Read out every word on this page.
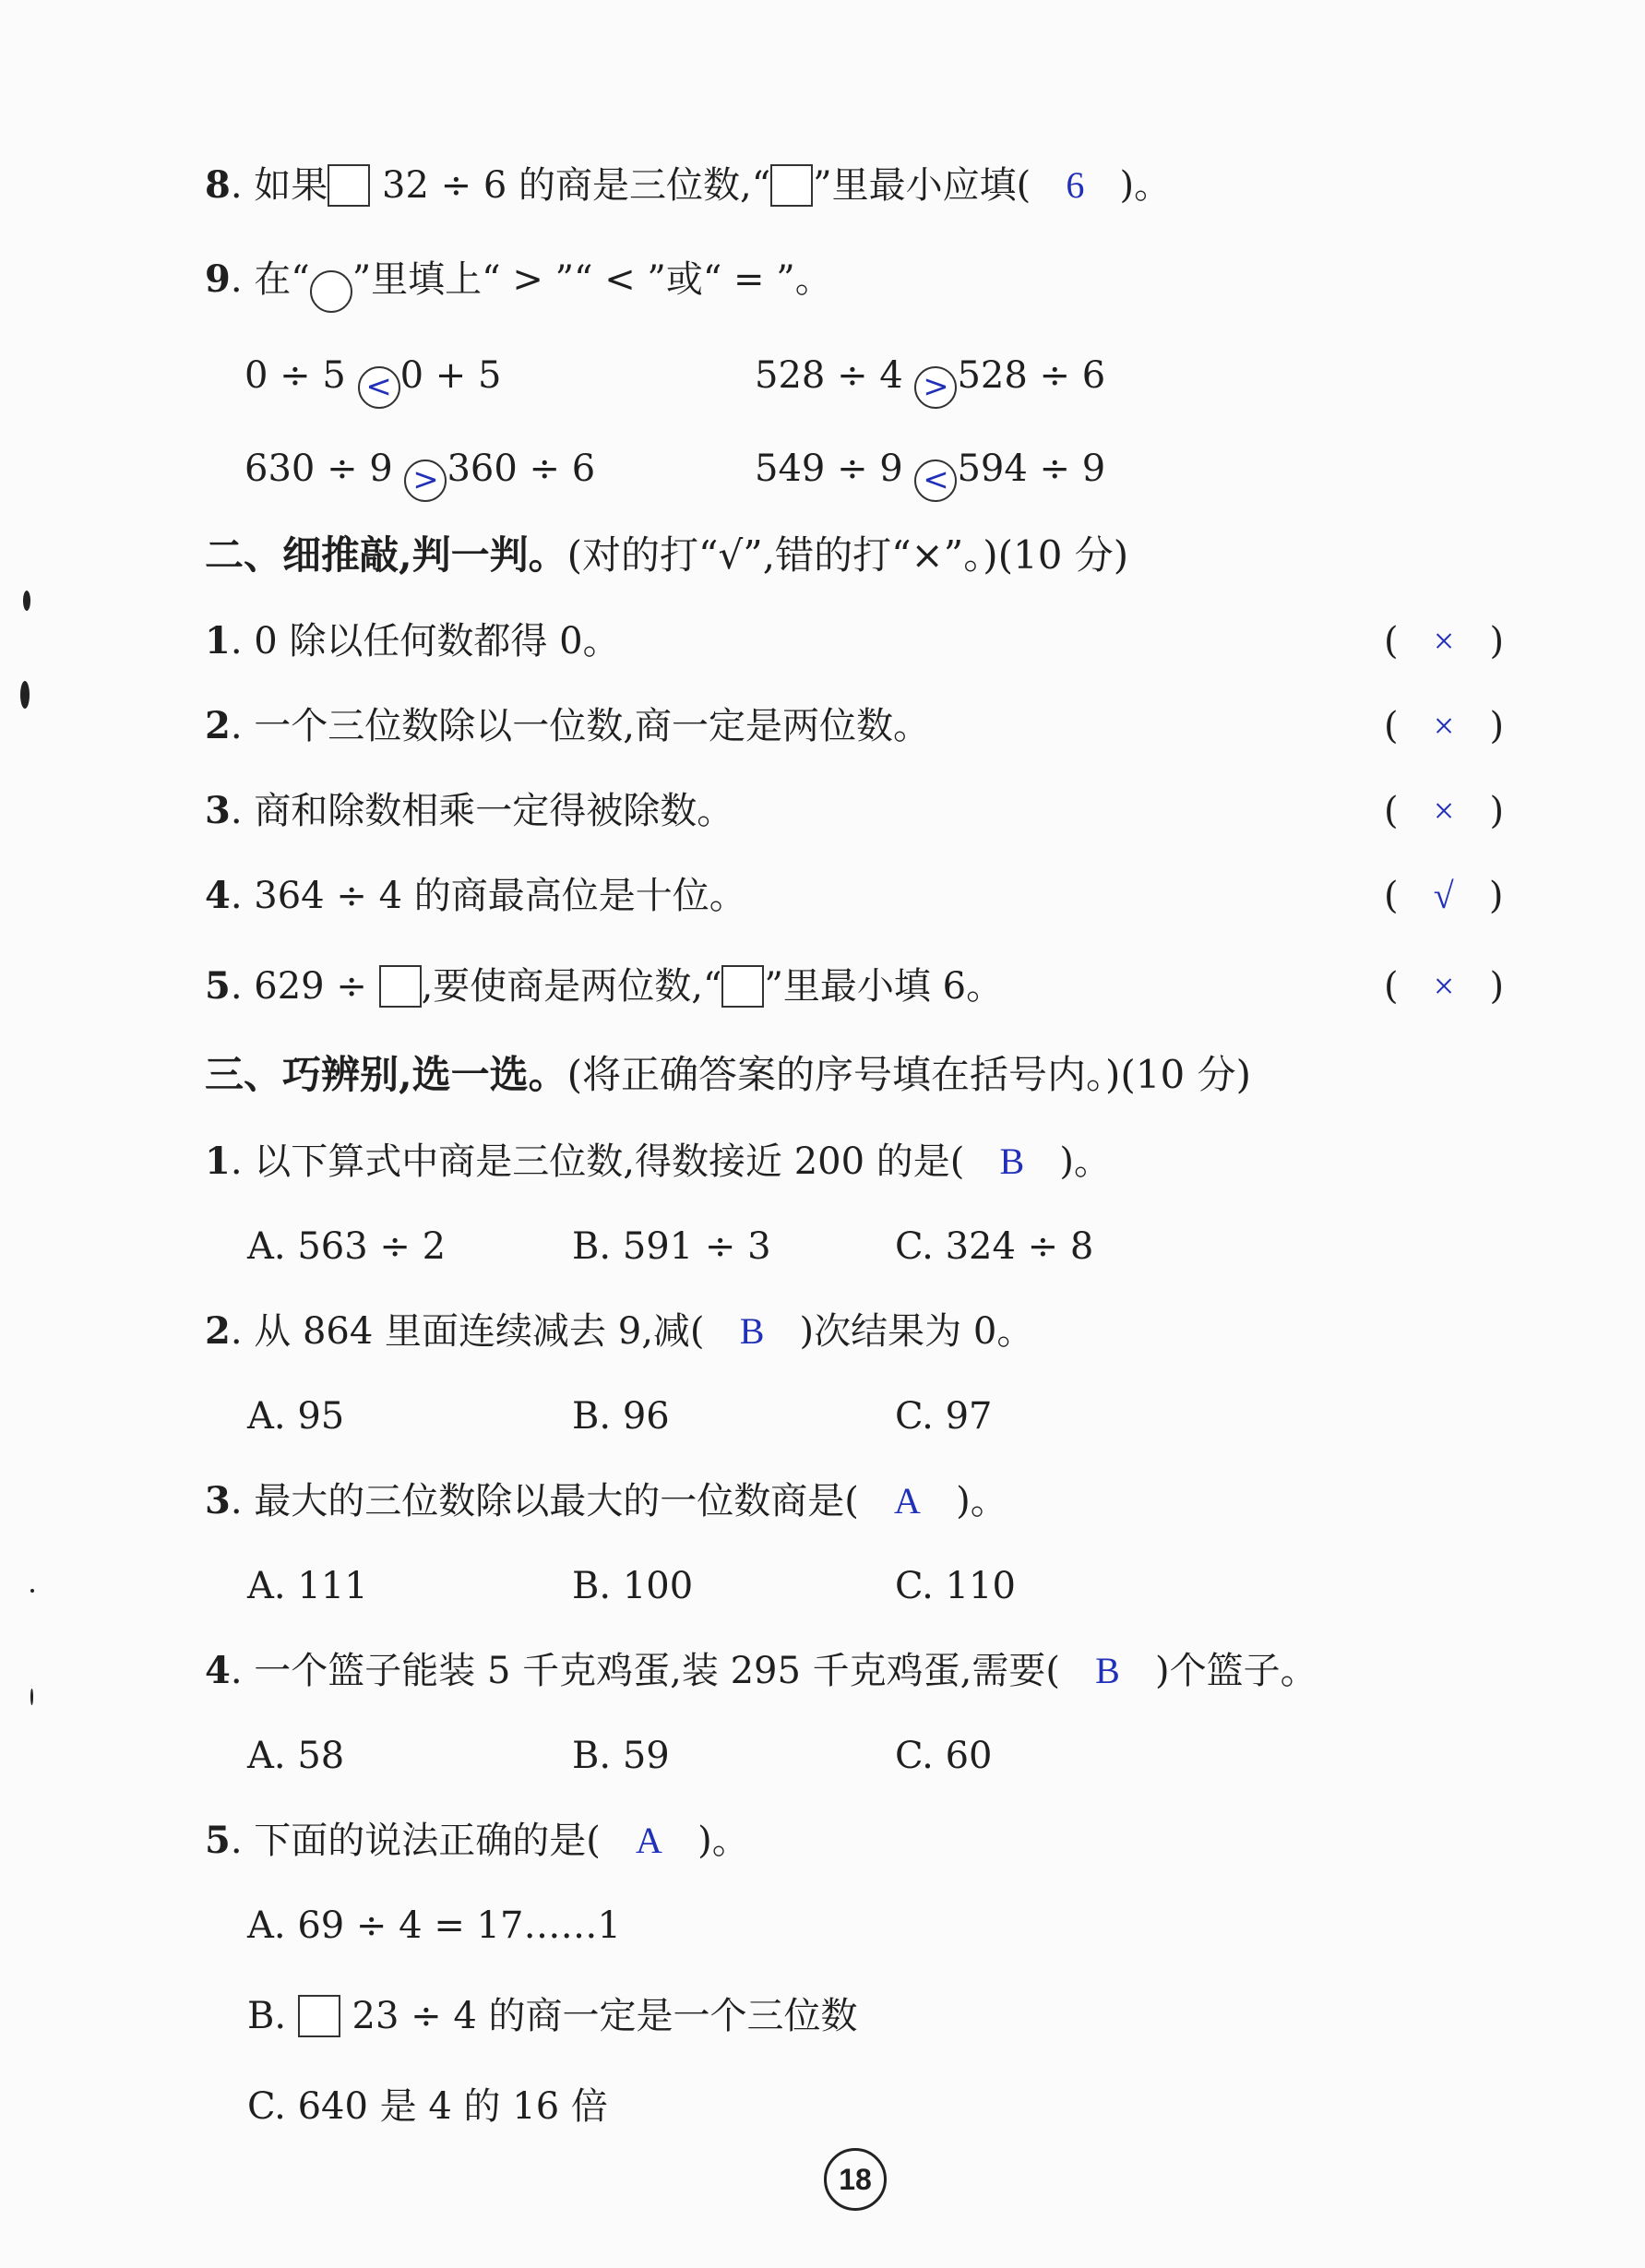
8. 如果 32 ÷ 6 的商是三位数,“ ”里最小应填( 6 )。
9. 在“ ”里填上“ > ”“ < ”或“ = ”。
0 ÷ 5 < 0 + 5	528 ÷ 4 > 528 ÷ 6
630 ÷ 9 > 360 ÷ 6	549 ÷ 9 < 594 ÷ 9
二、细推敲,判一判。(对的打“√”,错的打“×”。)(10 分)
1. 0 除以任何数都得 0。	(   ×   )
2. 一个三位数除以一位数,商一定是两位数。	(   ×   )
3. 商和除数相乘一定得被除数。	(   ×   )
4. 364 ÷ 4 的商最高位是十位。	(   √   )
5. 629 ÷ ,要使商是两位数,“ ”里最小填 6。	(   ×   )
三、巧辨别,选一选。(将正确答案的序号填在括号内。)(10 分)
1. 以下算式中商是三位数,得数接近 200 的是( B )。
A. 563 ÷ 2	B. 591 ÷ 3	C. 324 ÷ 8
2. 从 864 里面连续减去 9,减( B )次结果为 0。
A. 95	B. 96	C. 97
3. 最大的三位数除以最大的一位数商是( A )。
A. 111	B. 100	C. 110
4. 一个篮子能装 5 千克鸡蛋,装 295 千克鸡蛋,需要( B )个篮子。
A. 58	B. 59	C. 60
5. 下面的说法正确的是( A )。
A. 69 ÷ 4 = 17……1
B.  23 ÷ 4 的商一定是一个三位数
C. 640 是 4 的 16 倍
18
